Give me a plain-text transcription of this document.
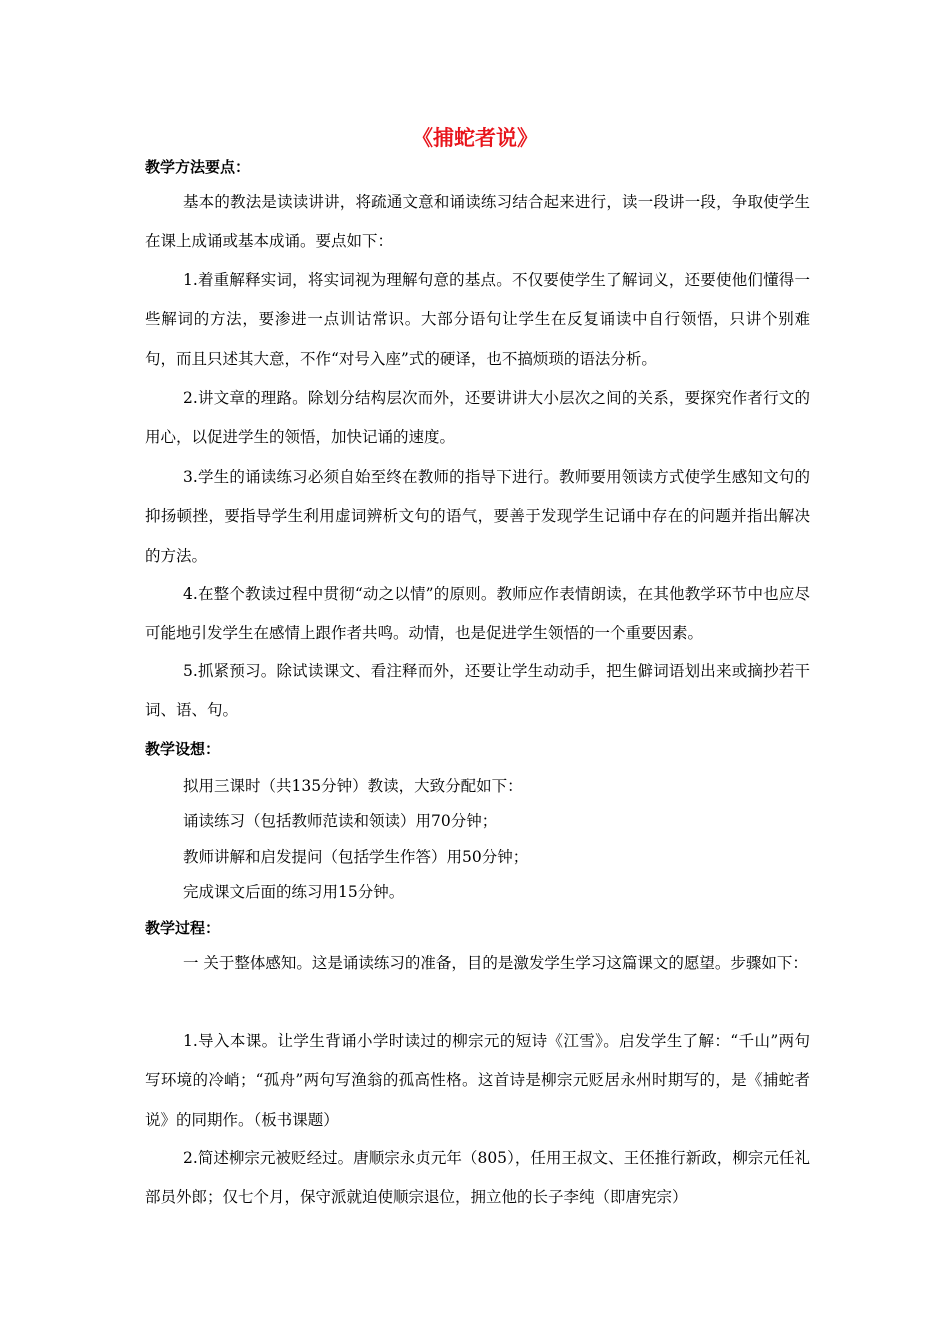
《捕蛇者说》
教学方法要点：

基本的教法是读读讲讲，将疏通文意和诵读练习结合起来进行，读一段讲一段，争取使学生在课上成诵或基本成诵。要点如下：

1.着重解释实词，将实词视为理解句意的基点。不仅要使学生了解词义，还要使他们懂得一些解词的方法，要渗进一点训诂常识。大部分语句让学生在反复诵读中自行领悟，只讲个别难句，而且只述其大意，不作“对号入座”式的硬译，也不搞烦琐的语法分析。

2.讲文章的理路。除划分结构层次而外，还要讲讲大小层次之间的关系，要探究作者行文的用心，以促进学生的领悟，加快记诵的速度。

3.学生的诵读练习必须自始至终在教师的指导下进行。教师要用领读方式使学生感知文句的抑扬顿挫，要指导学生利用虚词辨析文句的语气，要善于发现学生记诵中存在的问题并指出解决的方法。

4.在整个教读过程中贯彻“动之以情”的原则。教师应作表情朗读，在其他教学环节中也应尽可能地引发学生在感情上跟作者共鸣。动情，也是促进学生领悟的一个重要因素。

5.抓紧预习。除试读课文、看注释而外，还要让学生动动手，把生僻词语划出来或摘抄若干词、语、句。

教学设想：
拟用三课时（共135分钟）教读，大致分配如下：
诵读练习（包括教师范读和领读）用70分钟；
教师讲解和启发提问（包括学生作答）用50分钟；
完成课文后面的练习用15分钟。
教学过程：

一 关于整体感知。这是诵读练习的准备，目的是激发学生学习这篇课文的愿望。步骤如下：

1.导入本课。让学生背诵小学时读过的柳宗元的短诗《江雪》。启发学生了解：“千山”两句写环境的冷峭；“孤舟”两句写渔翁的孤高性格。这首诗是柳宗元贬居永州时期写的，是《捕蛇者说》的同期作。（板书课题）

2.简述柳宗元被贬经过。唐顺宗永贞元年（805），任用王叔文、王伾推行新政，柳宗元任礼部员外郎；仅七个月，保守派就迫使顺宗退位，拥立他的长子李纯（即唐宪宗）
